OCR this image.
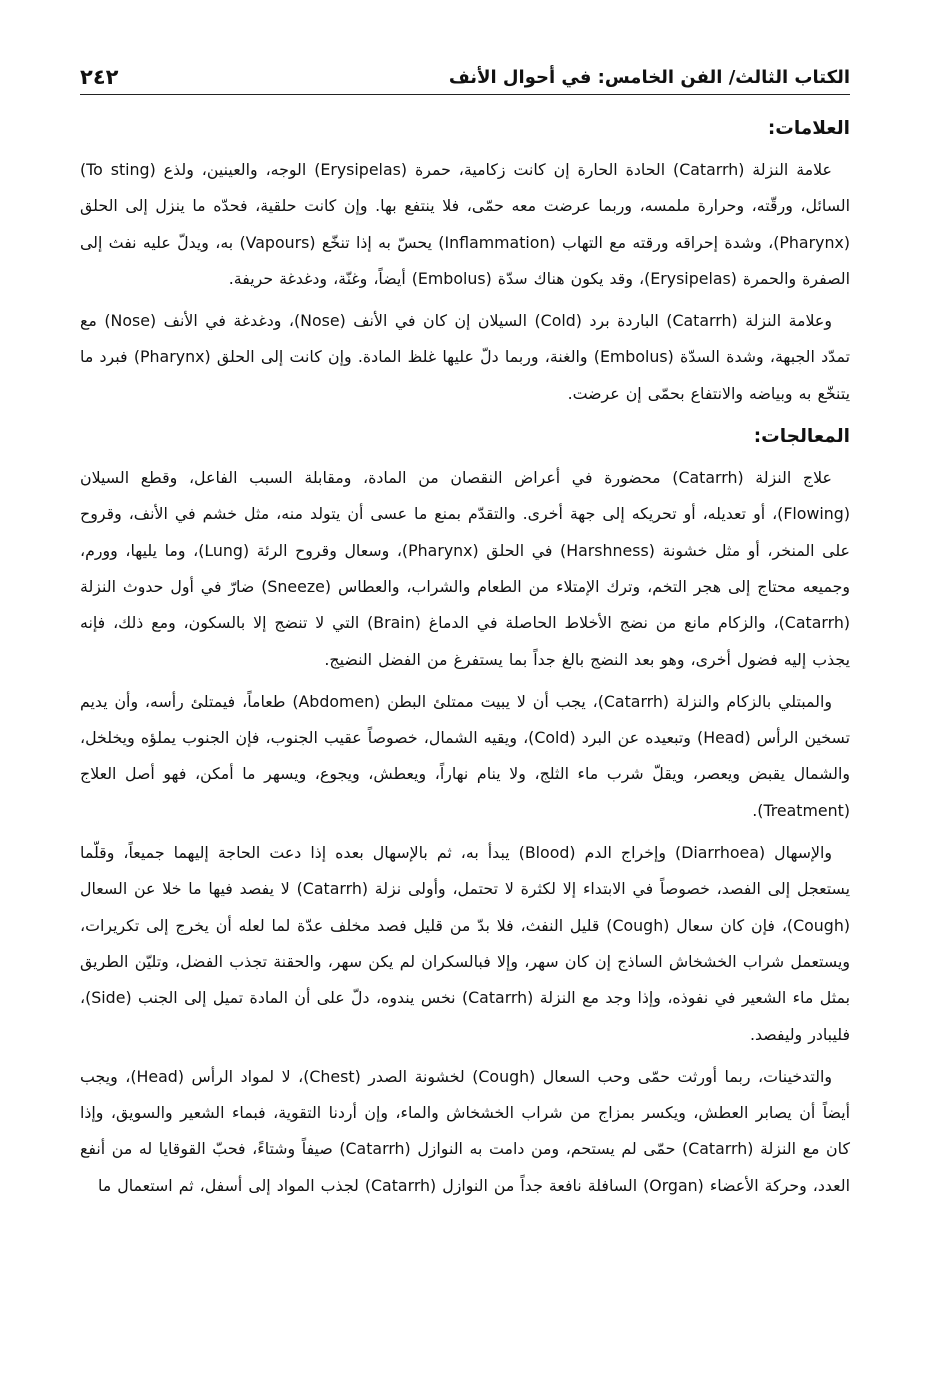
٢٤٢	الكتاب الثالث/ الفن الخامس: في أحوال الأنف
العلامات:

علامة النزلة (Catarrh) الحادة الحارة إن كانت زكامية، حمرة (Erysipelas) الوجه، والعينين، ولذع (To sting) السائل، ورقّته، وحرارة ملمسه، وربما عرضت معه حمّى، فلا ينتفع بها. وإن كانت حلقية، فحدّه ما ينزل إلى الحلق (Pharynx)، وشدة إحراقه ورقته مع التهاب (Inflammation) يحسّ به إذا تنخّع (Vapours) به، ويدلّ عليه نفث إلى الصفرة والحمرة (Erysipelas)، وقد يكون هناك سدّة (Embolus) أيضاً، وغنّة، ودغدغة حريفة.

وعلامة النزلة (Catarrh) الباردة برد (Cold) السيلان إن كان في الأنف (Nose)، ودغدغة في الأنف (Nose) مع تمدّد الجبهة، وشدة السدّة (Embolus) والغنة، وربما دلّ عليها غلظ المادة. وإن كانت إلى الحلق (Pharynx) فبرد ما يتنخّع به وبياضه والانتفاع بحمّى إن عرضت.

المعالجات:

علاج النزلة (Catarrh) محضورة في أعراض النقصان من المادة، ومقابلة السبب الفاعل، وقطع السيلان (Flowing)، أو تعديله، أو تحريكه إلى جهة أخرى. والتقدّم بمنع ما عسى أن يتولد منه، مثل خشم في الأنف، وقروح على المنخر، أو مثل خشونة (Harshness) في الحلق (Pharynx)، وسعال وقروح الرئة (Lung)، وما يليها، وورم، وجميعه محتاج إلى هجر التخم، وترك الإمتلاء من الطعام والشراب، والعطاس (Sneeze) ضارّ في أول حدوث النزلة (Catarrh)، والزكام مانع من نضج الأخلاط الحاصلة في الدماغ (Brain) التي لا تنضج إلا بالسكون، ومع ذلك، فإنه يجذب إليه فضول أخرى، وهو بعد النضج بالغ جداً بما يستفرغ من الفضل النضيج.

والمبتلي بالزكام والنزلة (Catarrh)، يجب أن لا يبيت ممتلئ البطن (Abdomen) طعاماً، فيمتلئ رأسه، وأن يديم تسخين الرأس (Head) وتبعيده عن البرد (Cold)، ويقيه الشمال، خصوصاً عقيب الجنوب، فإن الجنوب يملؤه ويخلخل، والشمال يقبض ويعصر، ويقلّ شرب ماء الثلج، ولا ينام نهاراً، ويعطش، ويجوع، ويسهر ما أمكن، فهو أصل العلاج (Treatment).

والإسهال (Diarrhoea) وإخراج الدم (Blood) يبدأ به، ثم بالإسهال بعده إذا دعت الحاجة إليهما جميعاً، وقلّما يستعجل إلى الفصد، خصوصاً في الابتداء إلا لكثرة لا تحتمل، وأولى نزلة (Catarrh) لا يفصد فيها ما خلا عن السعال (Cough)، فإن كان سعال (Cough) قليل النفث، فلا بدّ من قليل فصد مخلف عدّة لما لعله أن يخرج إلى تكريرات، ويستعمل شراب الخشخاش الساذج إن كان سهر، وإلا فبالسكران لم يكن سهر، والحقنة تجذب الفضل، وتليّن الطريق بمثل ماء الشعير في نفوذه، وإذا وجد مع النزلة (Catarrh) نخس يندوه، دلّ على أن المادة تميل إلى الجنب (Side)، فليبادر وليفصد.

والتدخينات، ربما أورثت حمّى وحب السعال (Cough) لخشونة الصدر (Chest)، لا لمواد الرأس (Head)، ويجب أيضاً أن يصابر العطش، ويكسر بمزاج من شراب الخشخاش والماء، وإن أردنا التقوية، فبماء الشعير والسويق، وإذا كان مع النزلة (Catarrh) حمّى لم يستحم، ومن دامت به النوازل (Catarrh) صيفاً وشتاءً، فحبّ القوقايا له من أنفع العدد، وحركة الأعضاء (Organ) السافلة نافعة جداً من النوازل (Catarrh) لجذب المواد إلى أسفل، ثم استعمال ما
